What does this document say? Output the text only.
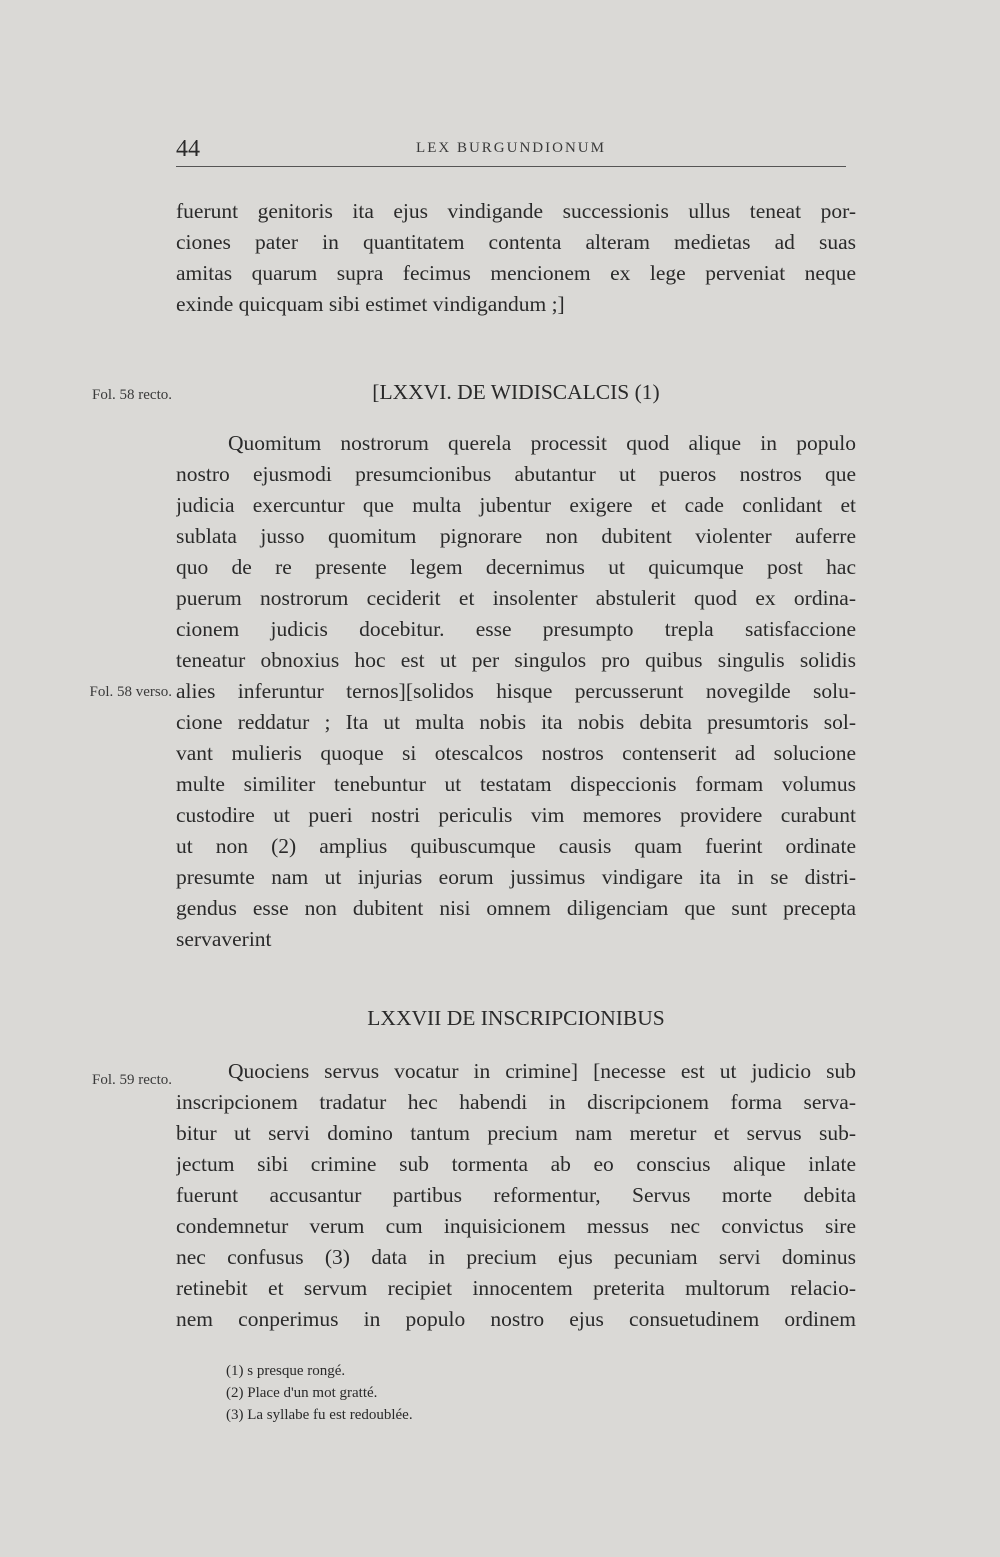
44	LEX BURGUNDIONUM
fuerunt genitoris ita ejus vindigande successionis ullus teneat por-
ciones pater in quantitatem contenta alteram medietas ad suas
amitas quarum supra fecimus mencionem ex lege perveniat neque
exinde quicquam sibi estimet vindigandum ;]
Fol. 58 recto.	[LXXVI. DE WIDISCALCIS (1)
Quomitum nostrorum querela processit quod alique in populo
nostro ejusmodi presumcionibus abutantur ut pueros nostros que
judicia exercuntur que multa jubentur exigere et cade conlidant et
sublata jusso quomitum pignorare non dubitent violenter auferre
quo de re presente legem decernimus ut quicumque post hac
puerum nostrorum ceciderit et insolenter abstulerit quod ex ordina-
cionem judicis docebitur. esse presumpto trepla satisfaccione
teneatur obnoxius hoc est ut per singulos pro quibus singulis solidis
alies inferuntur ternos][solidos hisque percusserunt novegilde solu-
cione reddatur ; Ita ut multa nobis ita nobis debita presumtoris sol-
vant mulieris quoque si otescalcos nostros contenserit ad solucione
multe similiter tenebuntur ut testatam dispeccionis formam volumus
custodire ut pueri nostri periculis vim memores providere curabunt
ut non (2) amplius quibuscumque causis quam fuerint ordinate
presumte nam ut injurias eorum jussimus vindigare ita in se distri-
gendus esse non dubitent nisi omnem diligenciam que sunt precepta
servaverint
Fol. 58 verso.
LXXVII DE INSCRIPCIONIBUS
Fol. 59 recto.	Quociens servus vocatur in crimine] [necesse est ut judicio sub
inscripcionem tradatur hec habendi in discripcionem forma serva-
bitur ut servi domino tantum precium nam meretur et servus sub-
jectum sibi crimine sub tormenta ab eo conscius alique inlate
fuerunt accusantur partibus reformentur, Servus morte debita
condemnetur verum cum inquisicionem messus nec convictus sire
nec confusus (3) data in precium ejus pecuniam servi dominus
retinebit et servum recipiet innocentem preterita multorum relacio-
nem conperimus in populo nostro ejus consuetudinem ordinem
(1) s presque rongé.
(2) Place d'un mot gratté.
(3) La syllabe fu est redoublée.
